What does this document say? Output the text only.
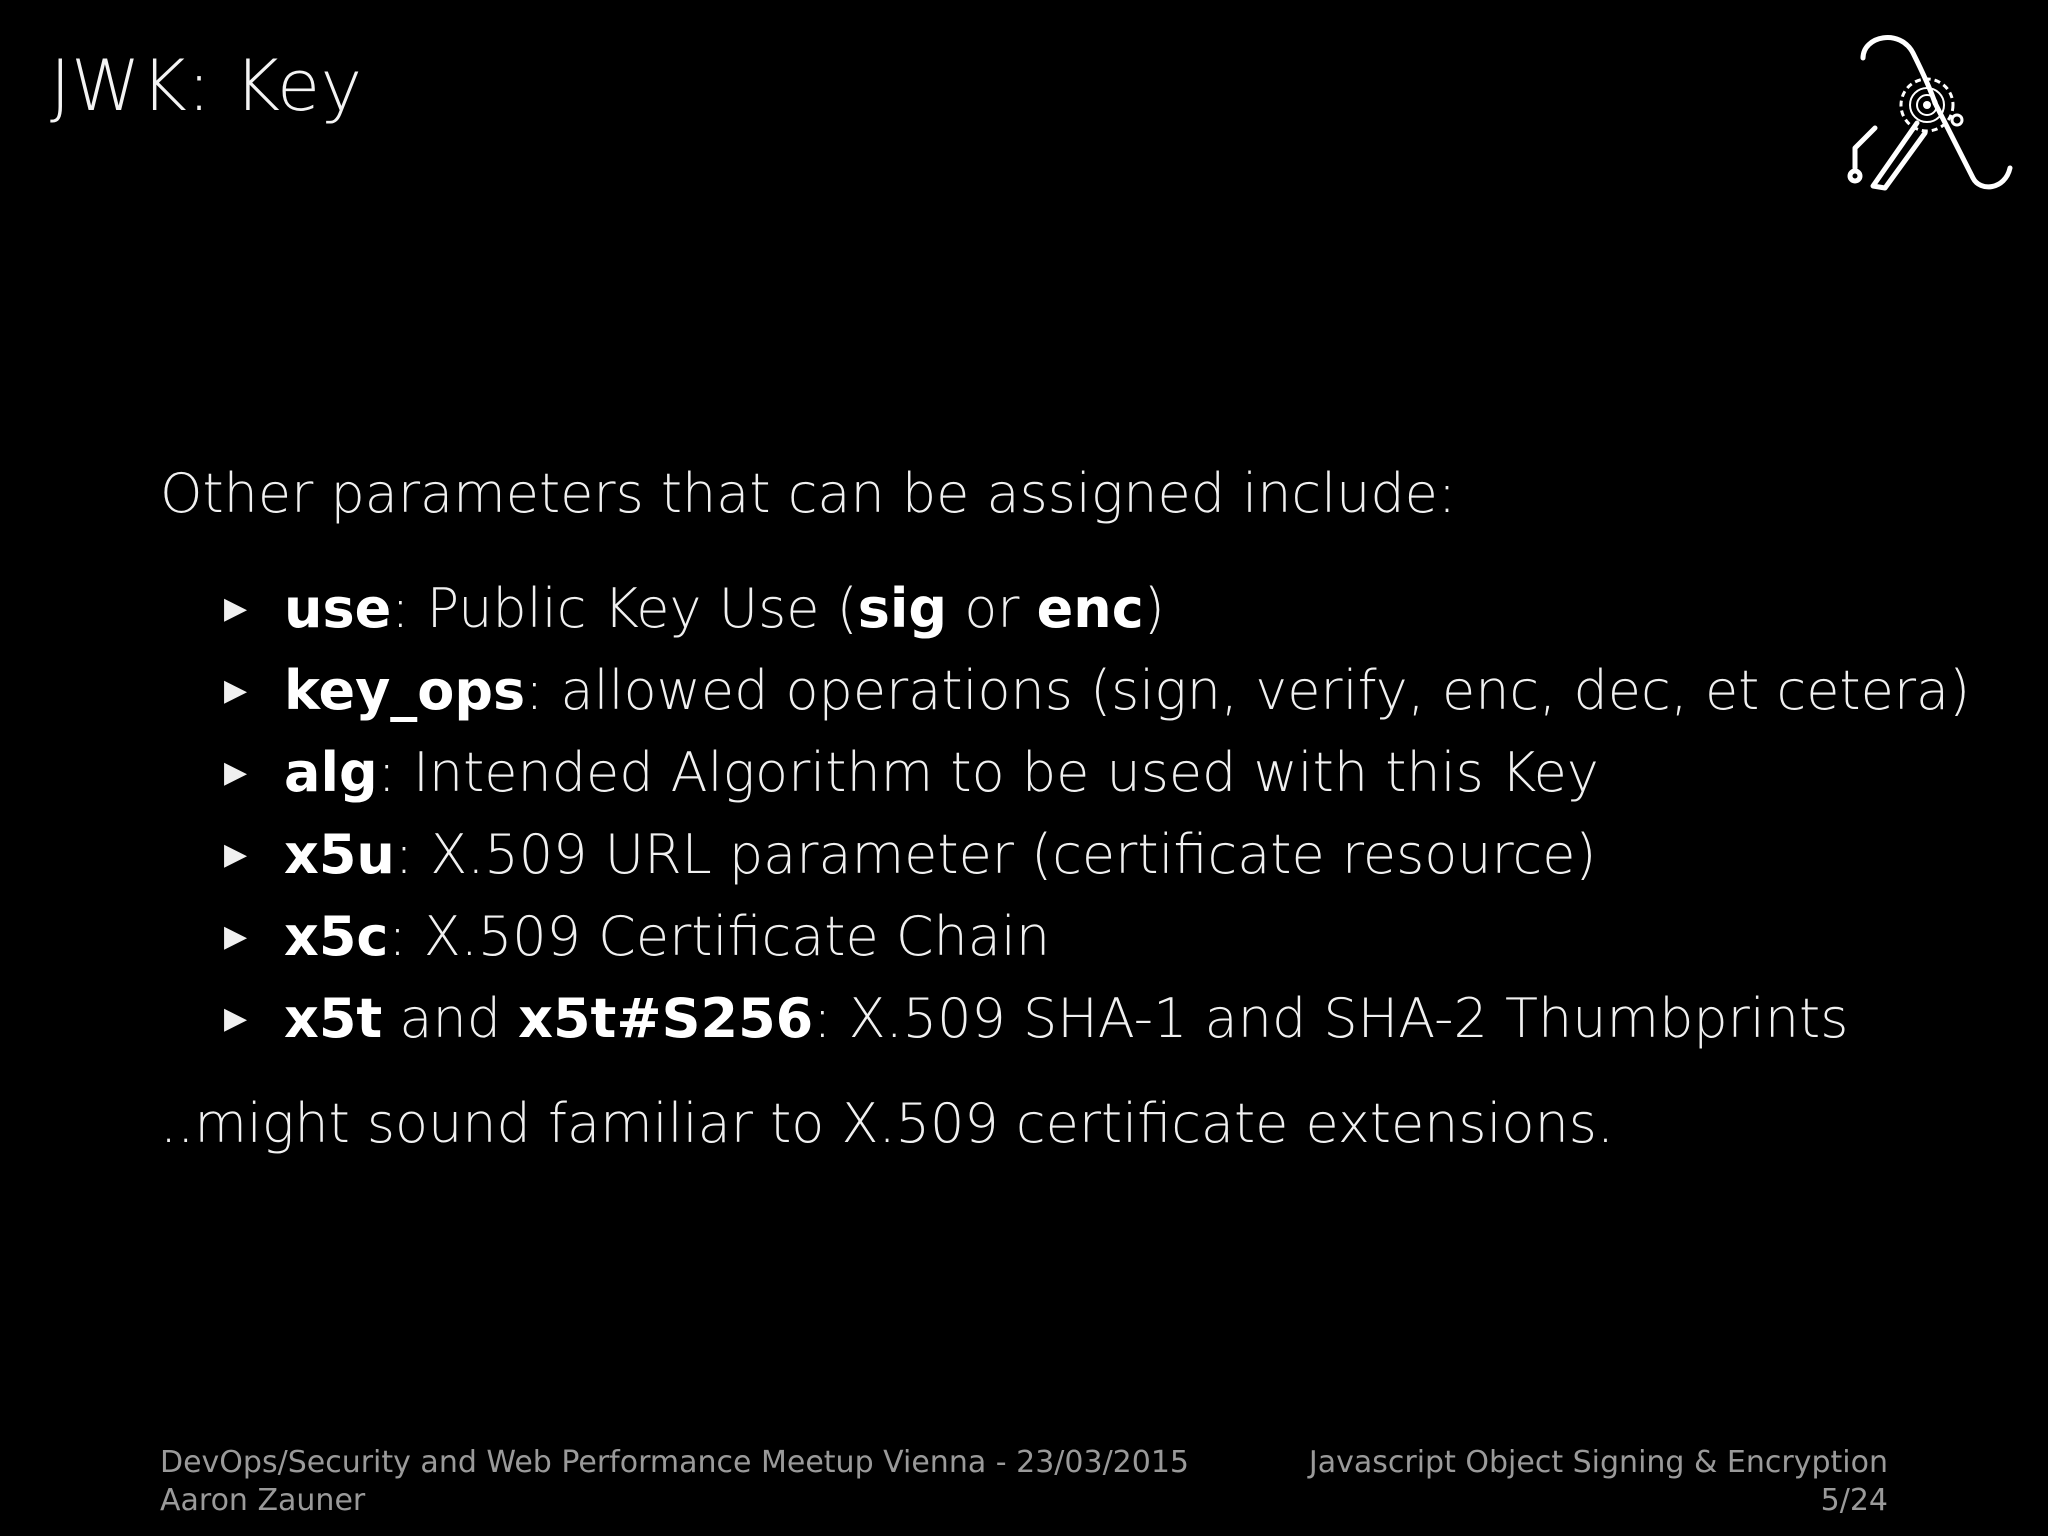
JWK: Key
Other parameters that can be assigned include:
▶ use: Public Key Use (sig or enc)
▶ key_ops: allowed operations (sign, verify, enc, dec, et cetera)
▶ alg: Intended Algorithm to be used with this Key
▶ x5u: X.509 URL parameter (certificate resource)
▶ x5c: X.509 Certificate Chain
▶ x5t and x5t#S256: X.509 SHA-1 and SHA-2 Thumbprints
..might sound familiar to X.509 certificate extensions.
DevOps/Security and Web Performance Meetup Vienna - 23/03/2015
Aaron Zauner
Javascript Object Signing & Encryption
5/24
